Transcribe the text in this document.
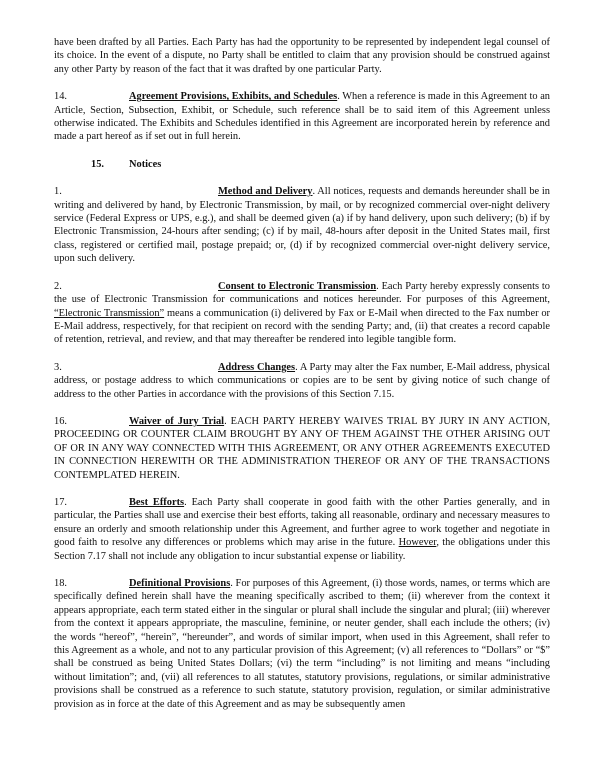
have been drafted by all Parties. Each Party has had the opportunity to be represented by independent legal counsel of its choice. In the event of a dispute, no Party shall be entitled to claim that any provision should be construed against any other Party by reason of the fact that it was drafted by one particular Party.

14.	Agreement Provisions, Exhibits, and Schedules. When a reference is made in this Agreement to an Article, Section, Subsection, Exhibit, or Schedule, such reference shall be to said item of this Agreement unless otherwise indicated. The Exhibits and Schedules identified in this Agreement are incorporated herein by reference and made a part hereof as if set out in full herein.

15. Notices

1.	Method and Delivery. All notices, requests and demands hereunder shall be in writing and delivered by hand, by Electronic Transmission, by mail, or by recognized commercial over-night delivery service (Federal Express or UPS, e.g.), and shall be deemed given (a) if by hand delivery, upon such delivery; (b) if by Electronic Transmission, 24-hours after sending; (c) if by mail, 48-hours after deposit in the United States mail, first class, registered or certified mail, postage prepaid; or, (d) if by recognized commercial over-night delivery service, upon such delivery.

2.	Consent to Electronic Transmission. Each Party hereby expressly consents to the use of Electronic Transmission for communications and notices hereunder. For purposes of this Agreement, “Electronic Transmission” means a communication (i) delivered by Fax or E-Mail when directed to the Fax number or E-Mail address, respectively, for that recipient on record with the sending Party; and, (ii) that creates a record capable of retention, retrieval, and review, and that may thereafter be rendered into legible tangible form.

3.	Address Changes. A Party may alter the Fax number, E-Mail address, physical address, or postage address to which communications or copies are to be sent by giving notice of such change of address to the other Parties in accordance with the provisions of this Section 7.15.

16.	Waiver of Jury Trial. EACH PARTY HEREBY WAIVES TRIAL BY JURY IN ANY ACTION, PROCEEDING OR COUNTER CLAIM BROUGHT BY ANY OF THEM AGAINST THE OTHER ARISING OUT OF OR IN ANY WAY CONNECTED WITH THIS AGREEMENT, OR ANY OTHER AGREEMENTS EXECUTED IN CONNECTION HEREWITH OR THE ADMINISTRATION THEREOF OR ANY OF THE TRANSACTIONS CONTEMPLATED HEREIN.

17.	Best Efforts. Each Party shall cooperate in good faith with the other Parties generally, and in particular, the Parties shall use and exercise their best efforts, taking all reasonable, ordinary and necessary measures to ensure an orderly and smooth relationship under this Agreement, and further agree to work together and negotiate in good faith to resolve any differences or problems which may arise in the future. However, the obligations under this Section 7.17 shall not include any obligation to incur substantial expense or liability.

18.	Definitional Provisions. For purposes of this Agreement, (i) those words, names, or terms which are specifically defined herein shall have the meaning specifically ascribed to them; (ii) wherever from the context it appears appropriate, each term stated either in the singular or plural shall include the singular and plural; (iii) wherever from the context it appears appropriate, the masculine, feminine, or neuter gender, shall each include the others; (iv) the words “hereof”, “herein”, “hereunder”, and words of similar import, when used in this Agreement, shall refer to this Agreement as a whole, and not to any particular provision of this Agreement; (v) all references to “Dollars” or “$” shall be construed as being United States Dollars; (vi) the term “including” is not limiting and means “including without limitation”; and, (vii) all references to all statutes, statutory provisions, regulations, or similar administrative provisions shall be construed as a reference to such statute, statutory provision, regulation, or similar administrative provision as in force at the date of this Agreement and as may be subsequently amen
